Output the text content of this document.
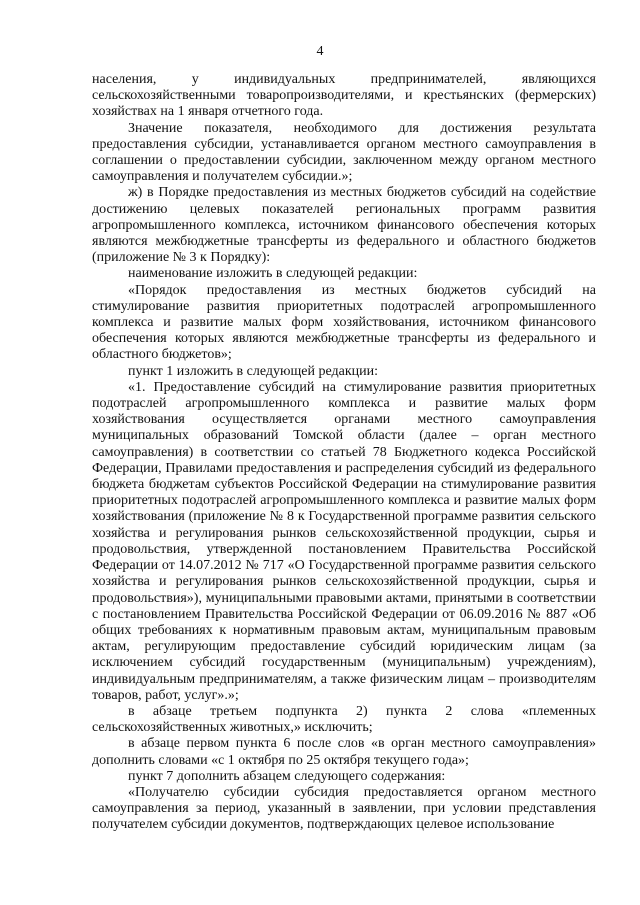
4

населения, у индивидуальных предпринимателей, являющихся сельскохозяйственными товаропроизводителями, и крестьянских (фермерских) хозяйствах на 1 января отчетного года.

Значение показателя, необходимого для достижения результата предоставления субсидии, устанавливается органом местного самоуправления в соглашении о предоставлении субсидии, заключенном между органом местного самоуправления и получателем субсидии.»;

ж) в Порядке предоставления из местных бюджетов субсидий на содействие достижению целевых показателей региональных программ развития агропромышленного комплекса, источником финансового обеспечения которых являются межбюджетные трансферты из федерального и областного бюджетов (приложение № 3 к Порядку):

наименование изложить в следующей редакции:

«Порядок предоставления из местных бюджетов субсидий на стимулирование развития приоритетных подотраслей агропромышленного комплекса и развитие малых форм хозяйствования, источником финансового обеспечения которых являются межбюджетные трансферты из федерального и областного бюджетов»;

пункт 1 изложить в следующей редакции:

«1. Предоставление субсидий на стимулирование развития приоритетных подотраслей агропромышленного комплекса и развитие малых форм хозяйствования осуществляется органами местного самоуправления муниципальных образований Томской области (далее – орган местного самоуправления) в соответствии со статьей 78 Бюджетного кодекса Российской Федерации, Правилами предоставления и распределения субсидий из федерального бюджета бюджетам субъектов Российской Федерации на стимулирование развития приоритетных подотраслей агропромышленного комплекса и развитие малых форм хозяйствования (приложение № 8 к Государственной программе развития сельского хозяйства и регулирования рынков сельскохозяйственной продукции, сырья и продовольствия, утвержденной постановлением Правительства Российской Федерации от 14.07.2012 № 717 «О Государственной программе развития сельского хозяйства и регулирования рынков сельскохозяйственной продукции, сырья и продовольствия»), муниципальными правовыми актами, принятыми в соответствии с постановлением Правительства Российской Федерации от 06.09.2016 № 887 «Об общих требованиях к нормативным правовым актам, муниципальным правовым актам, регулирующим предоставление субсидий юридическим лицам (за исключением субсидий государственным (муниципальным) учреждениям), индивидуальным предпринимателям, а также физическим лицам – производителям товаров, работ, услуг».»;

в абзаце третьем подпункта 2) пункта 2 слова «племенных сельскохозяйственных животных,» исключить;

в абзаце первом пункта 6 после слов «в орган местного самоуправления» дополнить словами «с 1 октября по 25 октября текущего года»;

пункт 7 дополнить абзацем следующего содержания:

«Получателю субсидии субсидия предоставляется органом местного самоуправления за период, указанный в заявлении, при условии представления получателем субсидии документов, подтверждающих целевое использование
